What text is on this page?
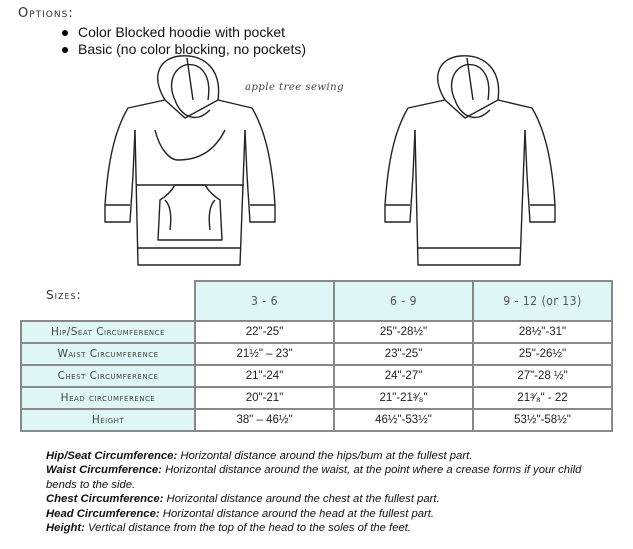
Options:
Color Blocked hoodie with pocket
Basic (no color blocking, no pockets)
apple tree sewing
Sizes:
		3 - 6	6 - 9	9 - 12 (or 13)
Hip/Seat Circumference	22"-25"	25"-28½"	28½"-31"
Waist Circumference	21½" – 23"	23"-25"	25"-26½"
Chest Circumference	21"-24"	24"-27"	27"-28 ½"
Head circumference	20"-21"	21"-21³⁄₈"	21³⁄₈" - 22
Height	38" – 46½"	46½"-53½"	53½"-58½"

Hip/Seat Circumference: Horizontal distance around the hips/bum at the fullest part.

Waist Circumference: Horizontal distance around the waist, at the point where a crease forms if your child bends to the side.

Chest Circumference: Horizontal distance around the chest at the fullest part.

Head Circumference: Horizontal distance around the head at the fullest part.

Height: Vertical distance from the top of the head to the soles of the feet.
